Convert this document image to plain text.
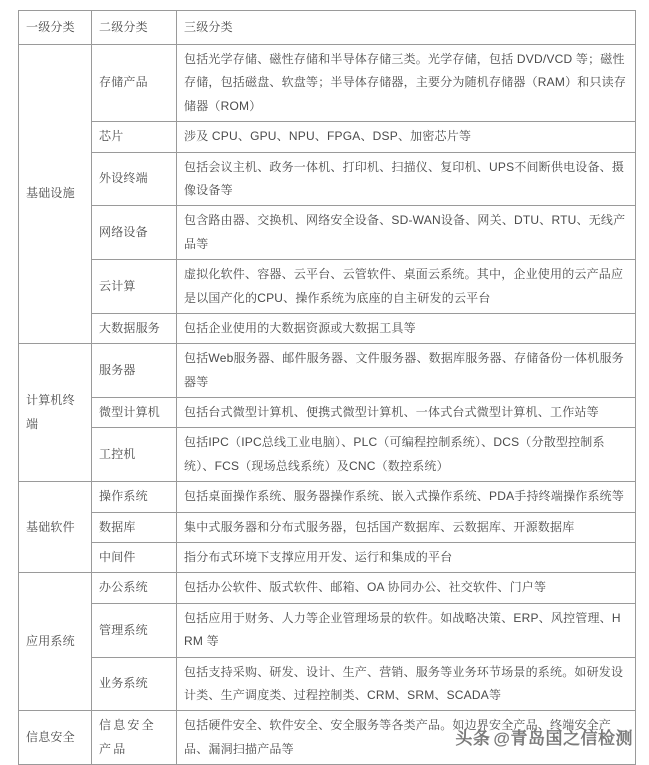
一级分类	二级分类	三级分类
基础设施	存储产品	包括光学存储、磁性存储和半导体存储三类。光学存储，包括 DVD/VCD 等；磁性存储，包括磁盘、软盘等；半导体存储器，主要分为随机存储器（RAM）和只读存储器（ROM）
	芯片	涉及 CPU、GPU、NPU、FPGA、DSP、加密芯片等
	外设终端	包括会议主机、政务一体机、打印机、扫描仪、复印机、UPS不间断供电设备、摄像设备等
	网络设备	包含路由器、交换机、网络安全设备、SD-WAN设备、网关、DTU、RTU、无线产品等
	云计算	虚拟化软件、容器、云平台、云管软件、桌面云系统。其中，企业使用的云产品应是以国产化的CPU、操作系统为底座的自主研发的云平台
	大数据服务	包括企业使用的大数据资源或大数据工具等
计算机终端	服务器	包括Web服务器、邮件服务器、文件服务器、数据库服务器、存储备份一体机服务器等
	微型计算机	包括台式微型计算机、便携式微型计算机、一体式台式微型计算机、工作站等
	工控机	包括IPC（IPC总线工业电脑）、PLC（可编程控制系统）、DCS（分散型控制系统）、FCS（现场总线系统）及CNC（数控系统）
基础软件	操作系统	包括桌面操作系统、服务器操作系统、嵌入式操作系统、PDA手持终端操作系统等
	数据库	集中式服务器和分布式服务器，包括国产数据库、云数据库、开源数据库
	中间件	指分布式环境下支撑应用开发、运行和集成的平台
应用系统	办公系统	包括办公软件、版式软件、邮箱、OA 协同办公、社交软件、门户等
	管理系统	包括应用于财务、人力等企业管理场景的软件。如战略决策、ERP、风控管理、HRM 等
	业务系统	包括支持采购、研发、设计、生产、营销、服务等业务环节场景的系统。如研发设计类、生产调度类、过程控制类、CRM、SRM、SCADA等
信息安全	信息安全产品	包括硬件安全、软件安全、安全服务等各类产品。如边界安全产品、终端安全产品、漏洞扫描产品等
头条 @青岛国之信检测
